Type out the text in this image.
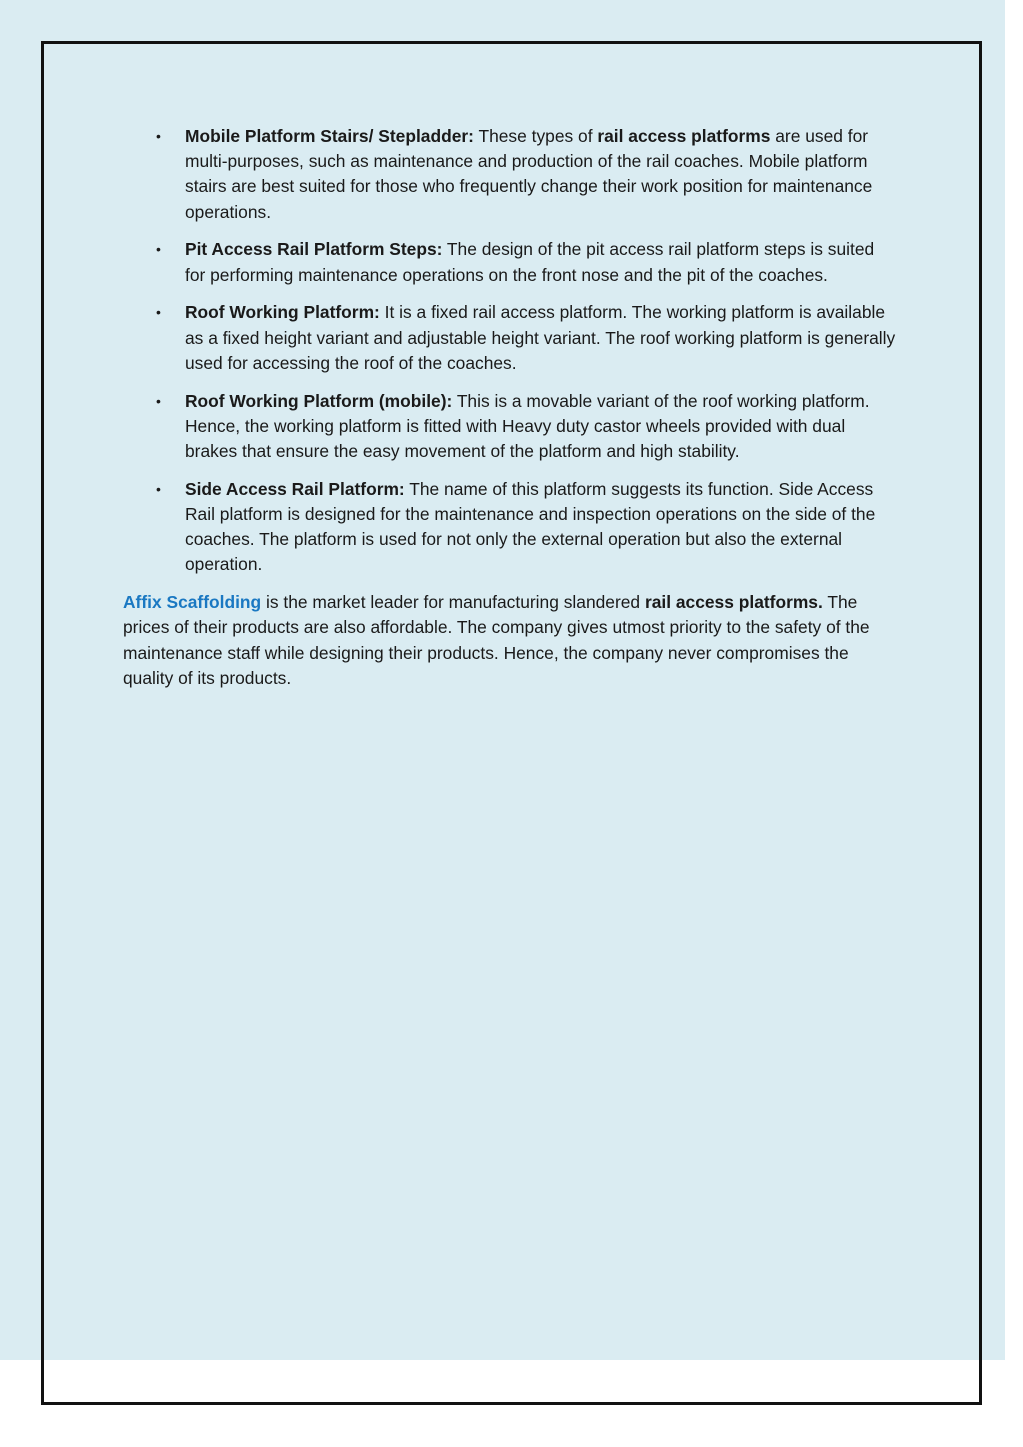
• Mobile Platform Stairs/ Stepladder: These types of rail access platforms are used for multi-purposes, such as maintenance and production of the rail coaches. Mobile platform stairs are best suited for those who frequently change their work position for maintenance operations.
• Pit Access Rail Platform Steps: The design of the pit access rail platform steps is suited for performing maintenance operations on the front nose and the pit of the coaches.
• Roof Working Platform: It is a fixed rail access platform. The working platform is available as a fixed height variant and adjustable height variant. The roof working platform is generally used for accessing the roof of the coaches.
• Roof Working Platform (mobile): This is a movable variant of the roof working platform. Hence, the working platform is fitted with Heavy duty castor wheels provided with dual brakes that ensure the easy movement of the platform and high stability.
• Side Access Rail Platform: The name of this platform suggests its function. Side Access Rail platform is designed for the maintenance and inspection operations on the side of the coaches. The platform is used for not only the external operation but also the external operation.

Affix Scaffolding is the market leader for manufacturing slandered rail access platforms. The prices of their products are also affordable. The company gives utmost priority to the safety of the maintenance staff while designing their products. Hence, the company never compromises the quality of its products.
